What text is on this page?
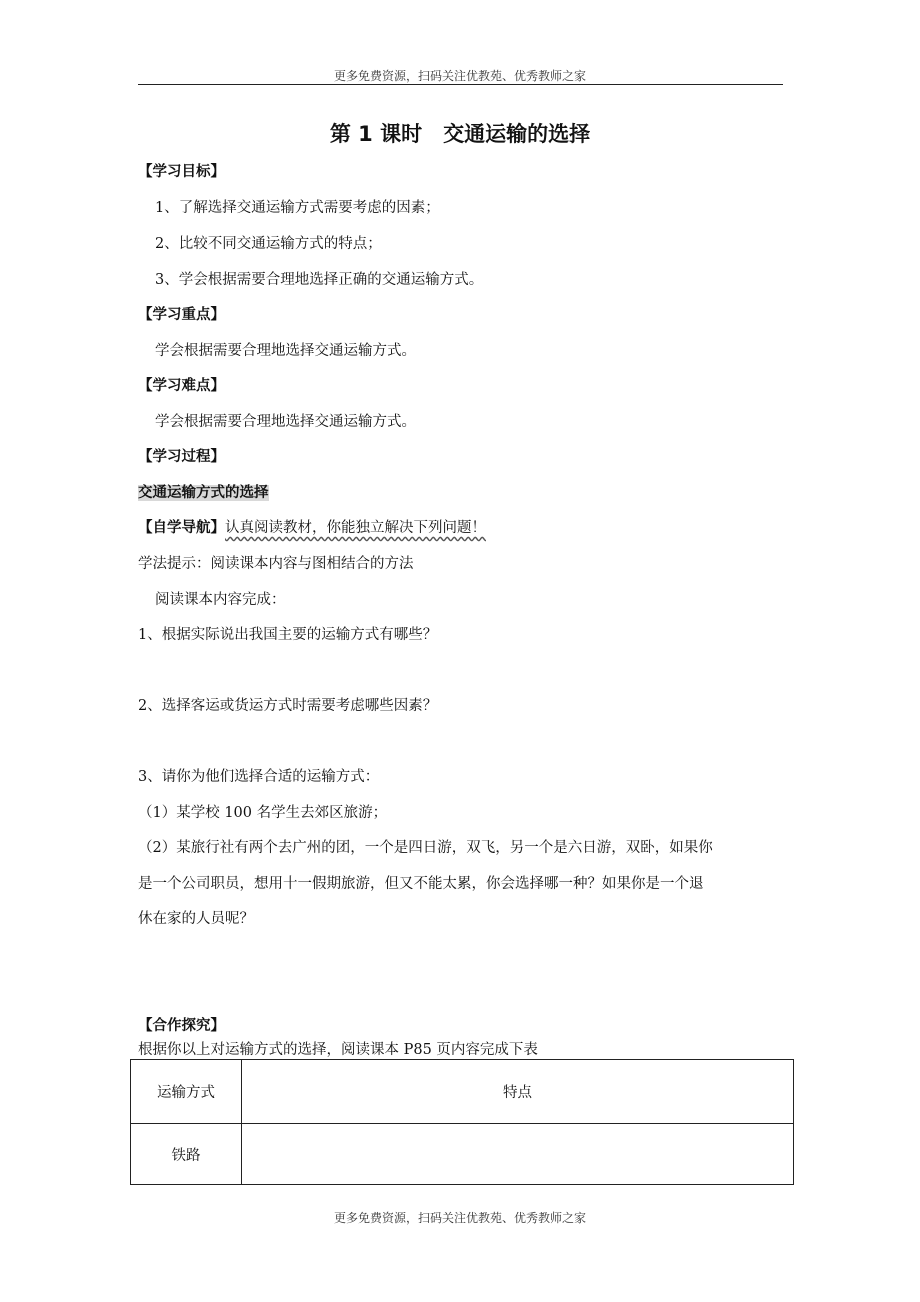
更多免费资源，扫码关注优教苑、优秀教师之家
第 1 课时　交通运输的选择
【学习目标】
1、了解选择交通运输方式需要考虑的因素；
2、比较不同交通运输方式的特点；
3、学会根据需要合理地选择正确的交通运输方式。
【学习重点】
学会根据需要合理地选择交通运输方式。
【学习难点】
学会根据需要合理地选择交通运输方式。
【学习过程】
交通运输方式的选择
【自学导航】认真阅读教材，你能独立解决下列问题！
学法提示：阅读课本内容与图相结合的方法
阅读课本内容完成：
1、根据实际说出我国主要的运输方式有哪些？
2、选择客运或货运方式时需要考虑哪些因素？
3、请你为他们选择合适的运输方式：
（1）某学校 100 名学生去郊区旅游；
（2）某旅行社有两个去广州的团，一个是四日游，双飞，另一个是六日游，双卧，如果你
是一个公司职员，想用十一假期旅游，但又不能太累，你会选择哪一种？如果你是一个退
休在家的人员呢？
【合作探究】
根据你以上对运输方式的选择，阅读课本 P85 页内容完成下表
运输方式	特点
铁路	
更多免费资源，扫码关注优教苑、优秀教师之家
